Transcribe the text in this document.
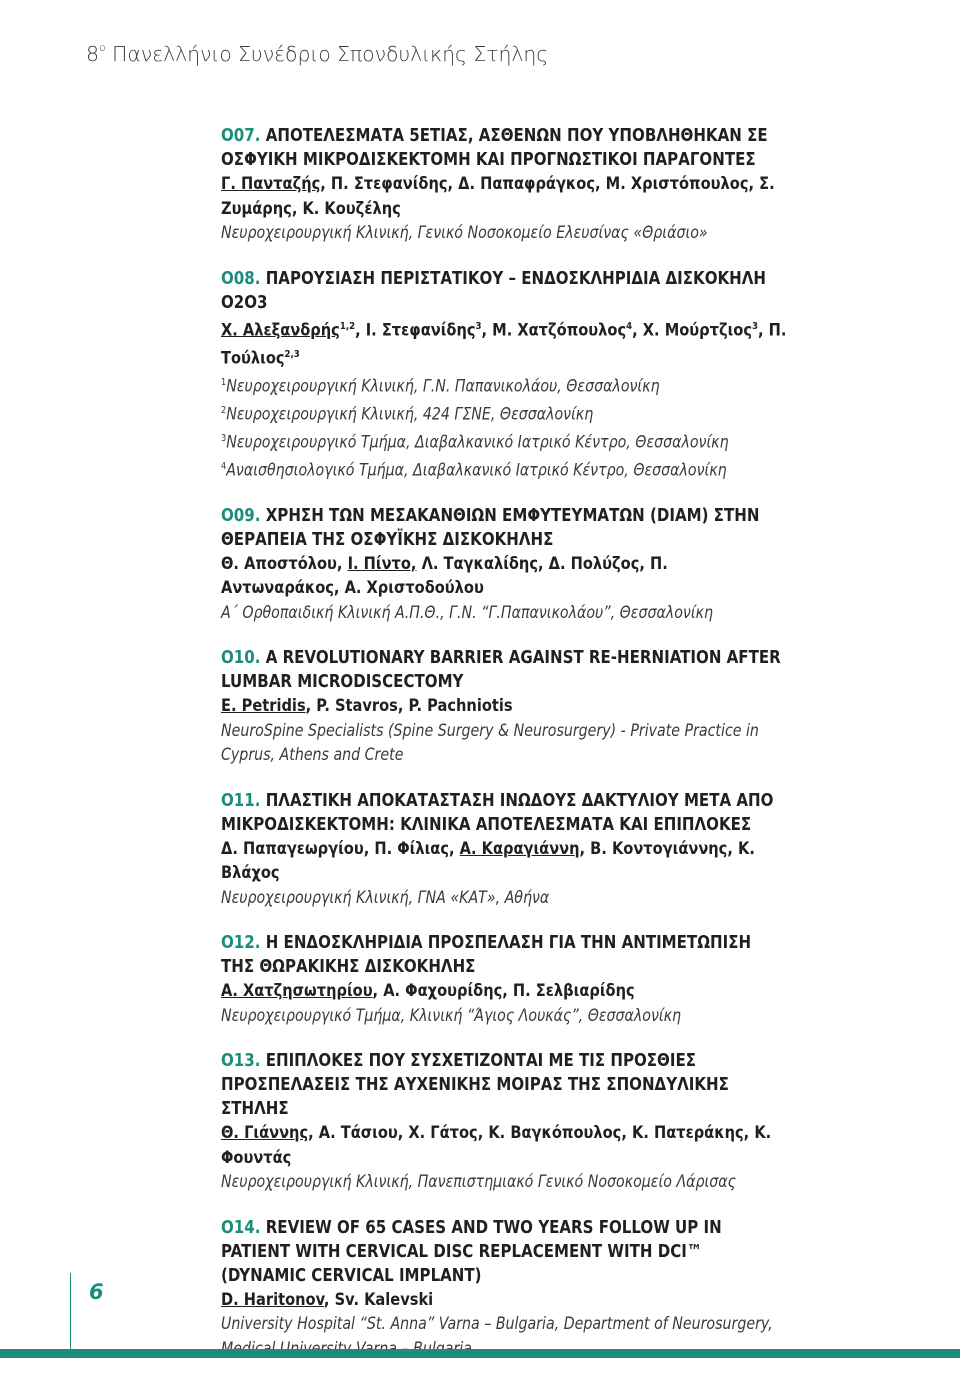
$8^o$ Πανελλήνιο Συνέδριο Σπονδυλικής Στήλης
Ο07. ΑΠΟΤΕΛΕΣΜΑΤΑ 5ΕΤΙΑΣ, ΑΣΘΕΝΩΝ ΠΟΥ ΥΠΟΒΛΗΘΗΚΑΝ ΣΕ ΟΣΦΥΙΚΗ ΜΙΚΡΟΔΙΣΚΕΚΤΟΜΗ ΚΑΙ ΠΡΟΓΝΩΣΤΙΚΟΙ ΠΑΡΑΓΟΝΤΕΣ
Γ. Πανταζής, Π. Στεφανίδης, Δ. Παπαφράγκος, Μ. Χριστόπουλος, Σ. Ζυμάρης, Κ. Κουζέλης
Νευροχειρουργική Κλινική, Γενικό Νοσοκομείο Ελευσίνας «Θριάσιο»
Ο08. ΠΑΡΟΥΣΙΑΣΗ ΠΕΡΙΣΤΑΤΙΚΟΥ – ΕΝΔΟΣΚΛΗΡΙΔΙΑ ΔΙΣΚΟΚΗΛΗ Ο2Ο3
Χ. Αλεξανδρής$^{1,2}$, Ι. Στεφανίδης$^3$, Μ. Χατζόπουλος$^4$, Χ. Μούρτζιος$^3$, Π. Τούλιος$^{2,3}$
$^1$Νευροχειρουργική Κλινική, Γ.Ν. Παπανικολάου, Θεσσαλονίκη
$^2$Νευροχειρουργική Κλινική, 424 ΓΣΝΕ, Θεσσαλονίκη
$^3$Νευροχειρουργικό Τμήμα, Διαβαλκανικό Ιατρικό Κέντρο, Θεσσαλονίκη
$^4$Αναισθησιολογικό Τμήμα, Διαβαλκανικό Ιατρικό Κέντρο, Θεσσαλονίκη
Ο09. ΧΡΗΣΗ ΤΩΝ ΜΕΣΑΚΑΝΘΙΩΝ ΕΜΦΥΤΕΥΜΑΤΩΝ (DIAM) ΣΤΗΝ ΘΕΡΑΠΕΙΑ ΤΗΣ ΟΣΦΥΪΚΗΣ ΔΙΣΚΟΚΗΛΗΣ
Θ. Αποστόλου, Ι. Πίντο, Λ. Ταγκαλίδης, Δ. Πολύζος, Π. Αντωναράκος, Α. Χριστοδούλου
Α΄ Ορθοπαιδική Κλινική Α.Π.Θ., Γ.Ν. “Γ.Παπανικολάου”, Θεσσαλονίκη
O10. A REVOLUTIONARY BARRIER AGAINST RE-HERNIATION AFTER LUMBAR MICRODISCECTOMY
E. Petridis, P. Stavros, P. Pachniotis
NeuroSpine Specialists (Spine Surgery & Neurosurgery) - Private Practice in Cyprus, Athens and Crete
Ο11. ΠΛΑΣΤΙΚΗ ΑΠΟΚΑΤΑΣΤΑΣΗ ΙΝΩΔΟΥΣ ΔΑΚΤΥΛΙΟΥ ΜΕΤΑ ΑΠΟ ΜΙΚΡΟΔΙΣΚΕΚΤΟΜΗ: ΚΛΙΝΙΚΑ ΑΠΟΤΕΛΕΣΜΑΤΑ ΚΑΙ ΕΠΙΠΛΟΚΕΣ
Δ. Παπαγεωργίου, Π. Φίλιας, Α. Καραγιάννη, Β. Κοντογιάννης, Κ. Βλάχος
Νευροχειρουργική Κλινική, ΓΝΑ «ΚΑΤ», Αθήνα
Ο12. Η ΕΝΔΟΣΚΛΗΡΙΔΙΑ ΠΡΟΣΠΕΛΑΣΗ ΓΙΑ ΤΗΝ ΑΝΤΙΜΕΤΩΠΙΣΗ ΤΗΣ ΘΩΡΑΚΙΚΗΣ ΔΙΣΚΟΚΗΛΗΣ
Α. Χατζησωτηρίου, Α. Φαχουρίδης, Π. Σελβιαρίδης
Νευροχειρουργικό Τμήμα, Κλινική “Άγιος Λουκάς”, Θεσσαλονίκη
Ο13. ΕΠΙΠΛΟΚΕΣ ΠΟΥ ΣΥΣΧΕΤΙΖΟΝΤΑΙ ΜΕ ΤΙΣ ΠΡΟΣΘΙΕΣ ΠΡΟΣΠΕΛΑΣΕΙΣ ΤΗΣ ΑΥΧΕΝΙΚΗΣ ΜΟΙΡΑΣ ΤΗΣ ΣΠΟΝΔΥΛΙΚΗΣ ΣΤΗΛΗΣ
Θ. Γιάννης, Α. Τάσιου, Χ. Γάτος, Κ. Βαγκόπουλος, Κ. Πατεράκης, Κ. Φουντάς
Νευροχειρουργική Κλινική, Πανεπιστημιακό Γενικό Νοσοκομείο Λάρισας
O14. REVIEW OF 65 CASES AND TWO YEARS FOLLOW UP IN PATIENT WITH CERVICAL DISC REPLACEMENT WITH DCI™ (DYNAMIC CERVICAL IMPLANT)
D. Haritonov, Sv. Kalevski
University Hospital “St. Anna” Varna – Bulgaria, Department of Neurosurgery,
6
